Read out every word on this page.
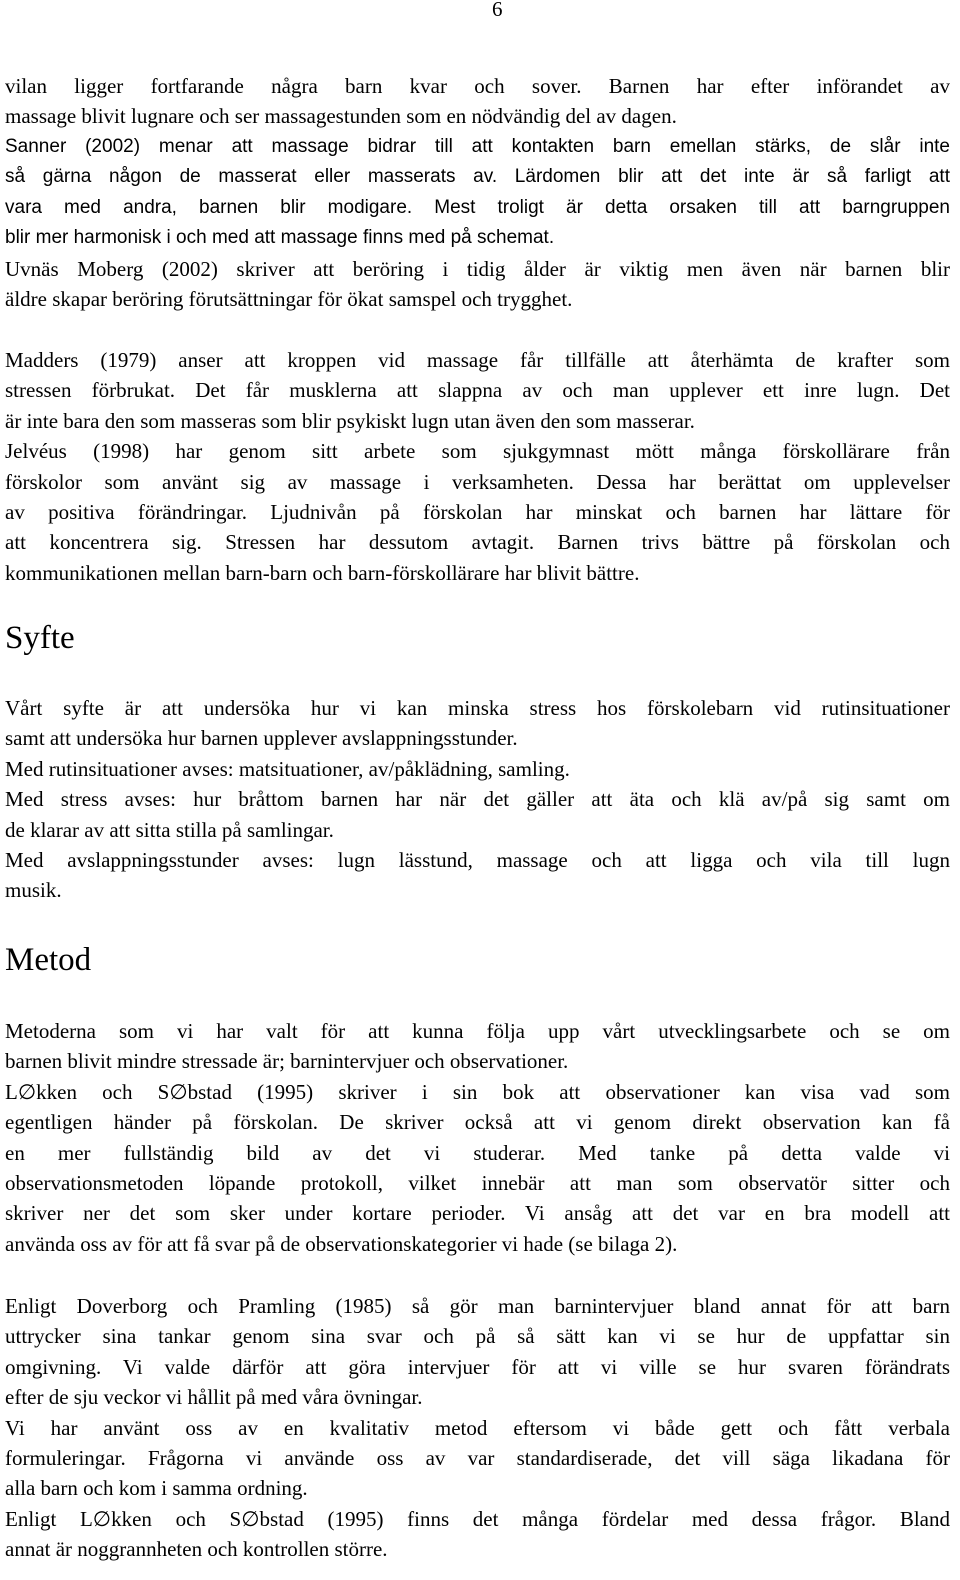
6
vilan ligger fortfarande några barn kvar och sover. Barnen har efter införandet av
massage blivit lugnare och ser massagestunden som en nödvändig del av dagen.
Sanner (2002) menar att massage bidrar till att kontakten barn emellan stärks, de slår inte
så gärna någon de masserat eller masserats av. Lärdomen blir att det inte är så farligt att
vara med andra, barnen blir modigare. Mest troligt är detta orsaken till att barngruppen
blir mer harmonisk i och med att massage finns med på schemat.
Uvnäs Moberg (2002) skriver att beröring i tidig ålder är viktig men även när barnen blir
äldre skapar beröring förutsättningar för ökat samspel och trygghet.
Madders (1979) anser att kroppen vid massage får tillfälle att återhämta de krafter som
stressen förbrukat. Det får musklerna att slappna av och man upplever ett inre lugn. Det
är inte bara den som masseras som blir psykiskt lugn utan även den som masserar.
Jelvéus (1998) har genom sitt arbete som sjukgymnast mött många förskollärare från
förskolor som använt sig av massage i verksamheten. Dessa har berättat om upplevelser
av positiva förändringar. Ljudnivån på förskolan har minskat och barnen har lättare för
att koncentrera sig. Stressen har dessutom avtagit. Barnen trivs bättre på förskolan och
kommunikationen mellan barn-barn och barn-förskollärare har blivit bättre.
Syfte
Vårt syfte är att undersöka hur vi kan minska stress hos förskolebarn vid rutinsituationer
samt att undersöka hur barnen upplever avslappningsstunder.
Med rutinsituationer avses: matsituationer, av/påklädning, samling.
Med stress avses: hur bråttom barnen har när det gäller att äta och klä av/på sig samt om
de klarar av att sitta stilla på samlingar.
Med avslappningsstunder avses: lugn lässtund, massage och att ligga och vila till lugn
musik.
Metod
Metoderna som vi har valt för att kunna följa upp vårt utvecklingsarbete och se om
barnen blivit mindre stressade är; barnintervjuer och observationer.
L∅kken och S∅bstad (1995) skriver i sin bok att observationer kan visa vad som
egentligen händer på förskolan. De skriver också att vi genom direkt observation kan få
en mer fullständig bild av det vi studerar. Med tanke på detta valde vi
observationsmetoden löpande protokoll, vilket innebär att man som observatör sitter och
skriver ner det som sker under kortare perioder. Vi ansåg att det var en bra modell att
använda oss av för att få svar på de observationskategorier vi hade (se bilaga 2).
Enligt Doverborg och Pramling (1985) så gör man barnintervjuer bland annat för att barn
uttrycker sina tankar genom sina svar och på så sätt kan vi se hur de uppfattar sin
omgivning. Vi valde därför att göra intervjuer för att vi ville se hur svaren förändrats
efter de sju veckor vi hållit på med våra övningar.
Vi har använt oss av en kvalitativ metod eftersom vi både gett och fått verbala
formuleringar. Frågorna vi använde oss av var standardiserade, det vill säga likadana för
alla barn och kom i samma ordning.
Enligt L∅kken och S∅bstad (1995) finns det många fördelar med dessa frågor. Bland
annat är noggrannheten och kontrollen större.
